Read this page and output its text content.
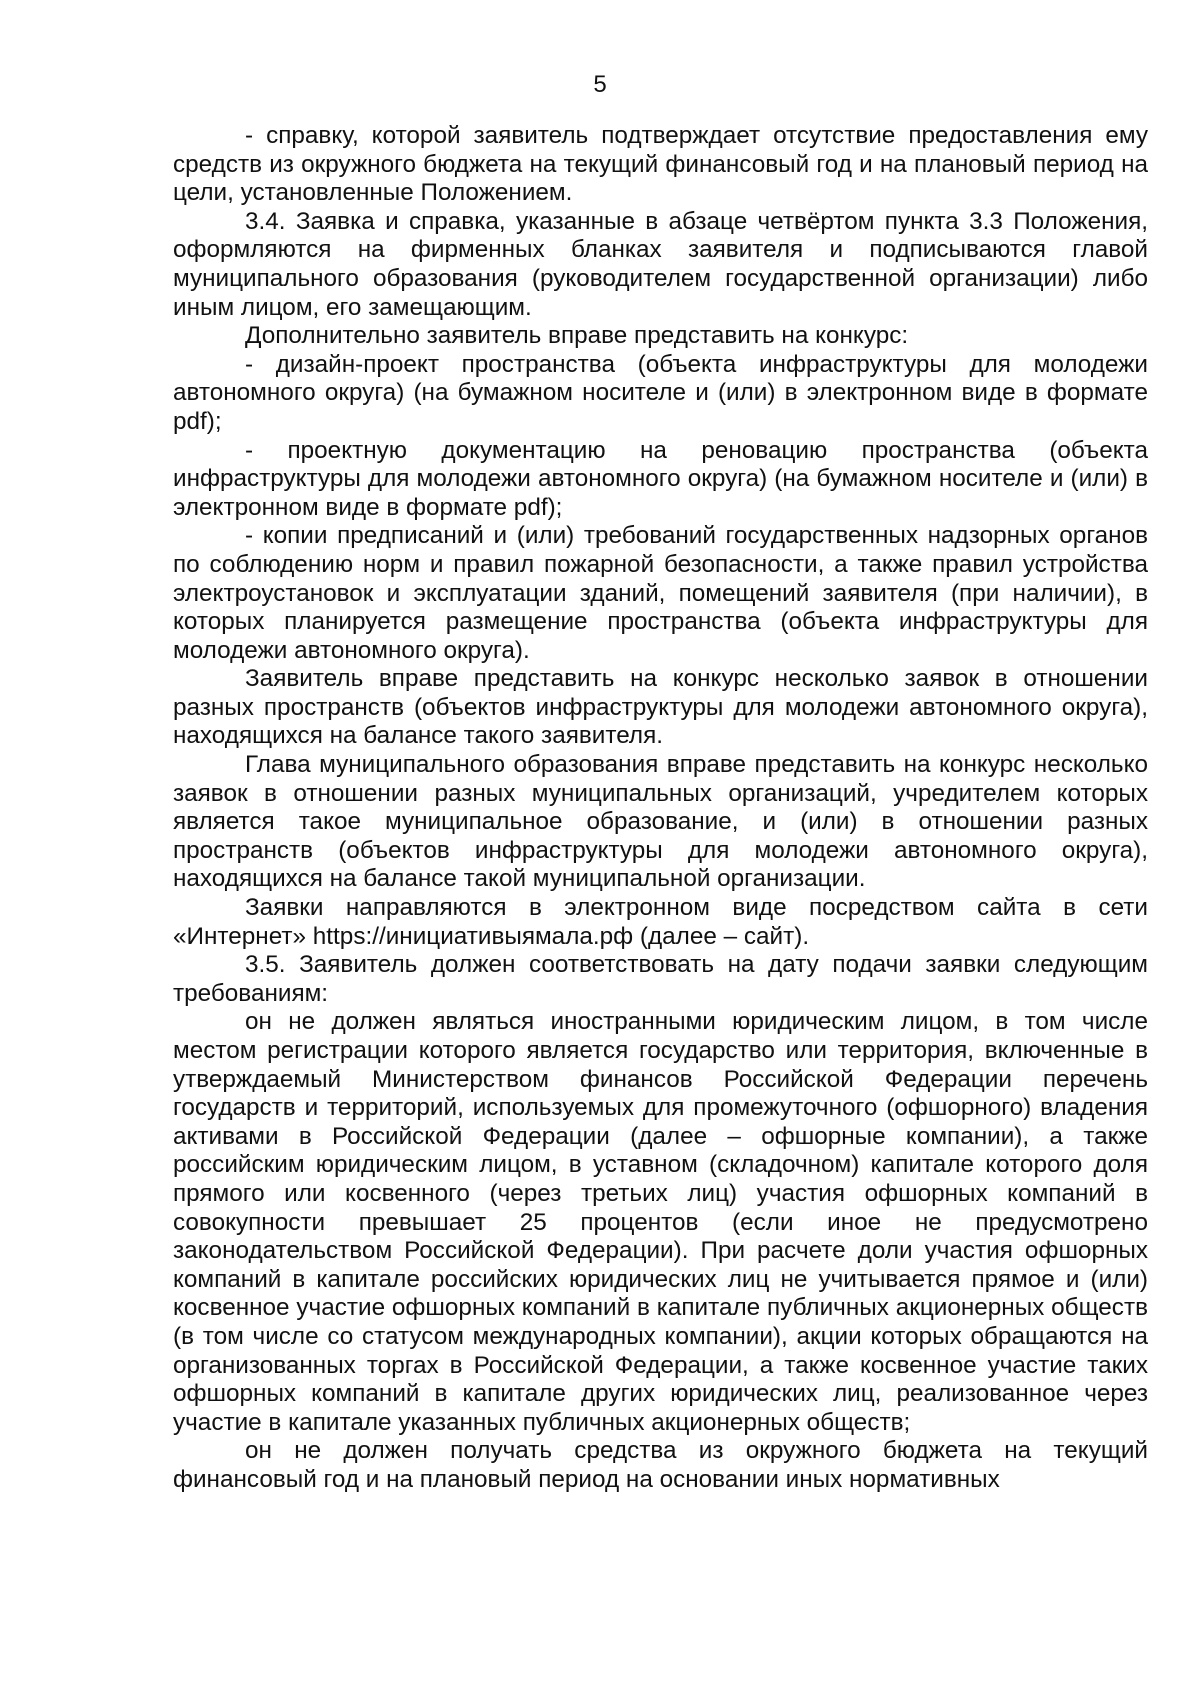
5

- справку, которой заявитель подтверждает отсутствие предоставления ему средств из окружного бюджета на текущий финансовый год и на плановый период на цели, установленные Положением.

3.4. Заявка и справка, указанные в абзаце четвёртом пункта 3.3 Положения, оформляются на фирменных бланках заявителя и подписываются главой муниципального образования (руководителем государственной организации) либо иным лицом, его замещающим.

Дополнительно заявитель вправе представить на конкурс:

- дизайн-проект пространства (объекта инфраструктуры для молодежи автономного округа) (на бумажном носителе и (или) в электронном виде в формате pdf);

- проектную документацию на реновацию пространства (объекта инфраструктуры для молодежи автономного округа) (на бумажном носителе и (или) в электронном виде в формате pdf);

- копии предписаний и (или) требований государственных надзорных органов по соблюдению норм и правил пожарной безопасности, а также правил устройства электроустановок и эксплуатации зданий, помещений заявителя (при наличии), в которых планируется размещение пространства (объекта инфраструктуры для молодежи автономного округа).

Заявитель вправе представить на конкурс несколько заявок в отношении разных пространств (объектов инфраструктуры для молодежи автономного округа), находящихся на балансе такого заявителя.

Глава муниципального образования вправе представить на конкурс несколько заявок в отношении разных муниципальных организаций, учредителем которых является такое муниципальное образование, и (или) в отношении разных пространств (объектов инфраструктуры для молодежи автономного округа), находящихся на балансе такой муниципальной организации.

Заявки направляются в электронном виде посредством сайта в сети «Интернет» https://инициативыямала.рф (далее – сайт).

3.5. Заявитель должен соответствовать на дату подачи заявки следующим требованиям:

он не должен являться иностранными юридическим лицом, в том числе местом регистрации которого является государство или территория, включенные в утверждаемый Министерством финансов Российской Федерации перечень государств и территорий, используемых для промежуточного (офшорного) владения активами в Российской Федерации (далее – офшорные компании), а также российским юридическим лицом, в уставном (складочном) капитале которого доля прямого или косвенного (через третьих лиц) участия офшорных компаний в совокупности превышает 25 процентов (если иное не предусмотрено законодательством Российской Федерации). При расчете доли участия офшорных компаний в капитале российских юридических лиц не учитывается прямое и (или) косвенное участие офшорных компаний в капитале публичных акционерных обществ (в том числе со статусом международных компании), акции которых обращаются на организованных торгах в Российской Федерации, а также косвенное участие таких офшорных компаний в капитале других юридических лиц, реализованное через участие в капитале указанных публичных акционерных обществ;

он не должен получать средства из окружного бюджета на текущий финансовый год и на плановый период на основании иных нормативных
